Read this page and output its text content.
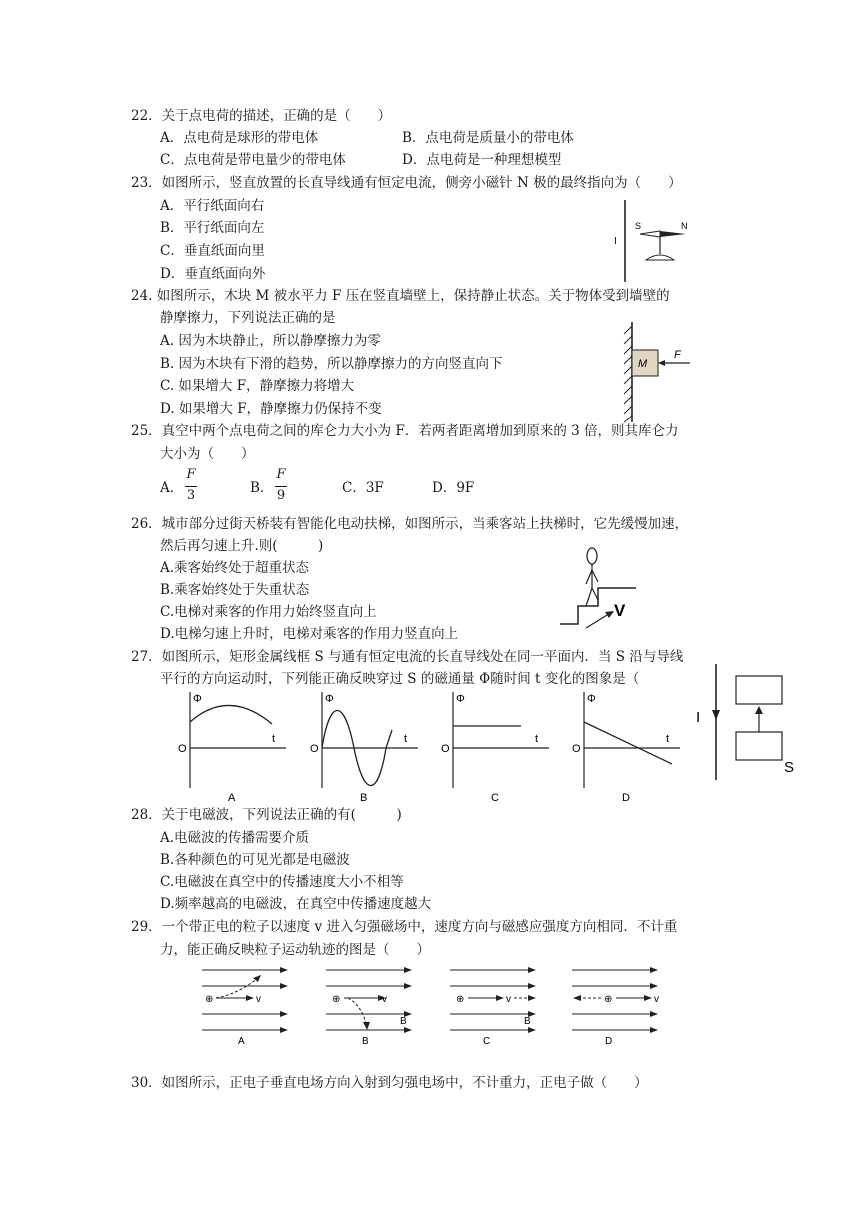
22．关于点电荷的描述，正确的是（　　）
A．点电荷是球形的带电体	B．点电荷是质量小的带电体
C．点电荷是带电量少的带电体	D．点电荷是一种理想模型
23．如图所示，竖直放置的长直导线通有恒定电流，侧旁小磁针 N 极的最终指向为（　　）
A．平行纸面向右
B．平行纸面向左
C．垂直纸面向里
D．垂直纸面向外
I
S	N
24. 如图所示，木块 M 被水平力 F 压在竖直墙壁上，保持静止状态。关于物体受到墙壁的
静摩擦力，下列说法正确的是
A. 因为木块静止，所以静摩擦力为零
B. 因为木块有下滑的趋势，所以静摩擦力的方向竖直向下
C. 如果增大 F，静摩擦力将增大
D. 如果增大 F，静摩擦力仍保持不变
M
F
25．真空中两个点电荷之间的库仑力大小为 F．若两者距离增加到原来的 3 倍，则其库仑力
大小为（　　）
A．
F
3	B．
F
9	C．3F	D．9F
26．城市部分过街天桥装有智能化电动扶梯，如图所示，当乘客站上扶梯时，它先缓慢加速，
然后再匀速上升.则(　　　)
A.乘客始终处于超重状态
B.乘客始终处于失重状态
C.电梯对乘客的作用力始终竖直向上
D.电梯匀速上升时，电梯对乘客的作用力竖直向上
V
27．如图所示，矩形金属线框 S 与通有恒定电流的长直导线处在同一平面内．当 S 沿与导线
平行的方向运动时，下列能正确反映穿过 S 的磁通量 Φ随时间 t 变化的图象是（
Φ
t
O
A
Φ
t
O
B
Φ
t
O
C
Φ
t
O
D
I
S
28．关于电磁波，下列说法正确的有(　　　)
A.电磁波的传播需要介质
B.各种颜色的可见光都是电磁波
C.电磁波在真空中的传播速度大小不相等
D.频率越高的电磁波，在真空中传播速度越大
29．一个带正电的粒子以速度 v 进入匀强磁场中，速度方向与磁感应强度方向相同．不计重
力，能正确反映粒子运动轨迹的图是（　　）
⊕	v
A
⊕	v
B
B
⊕	v
B
C
⊕	v
D
30．如图所示，正电子垂直电场方向入射到匀强电场中，不计重力，正电子做（　　）
